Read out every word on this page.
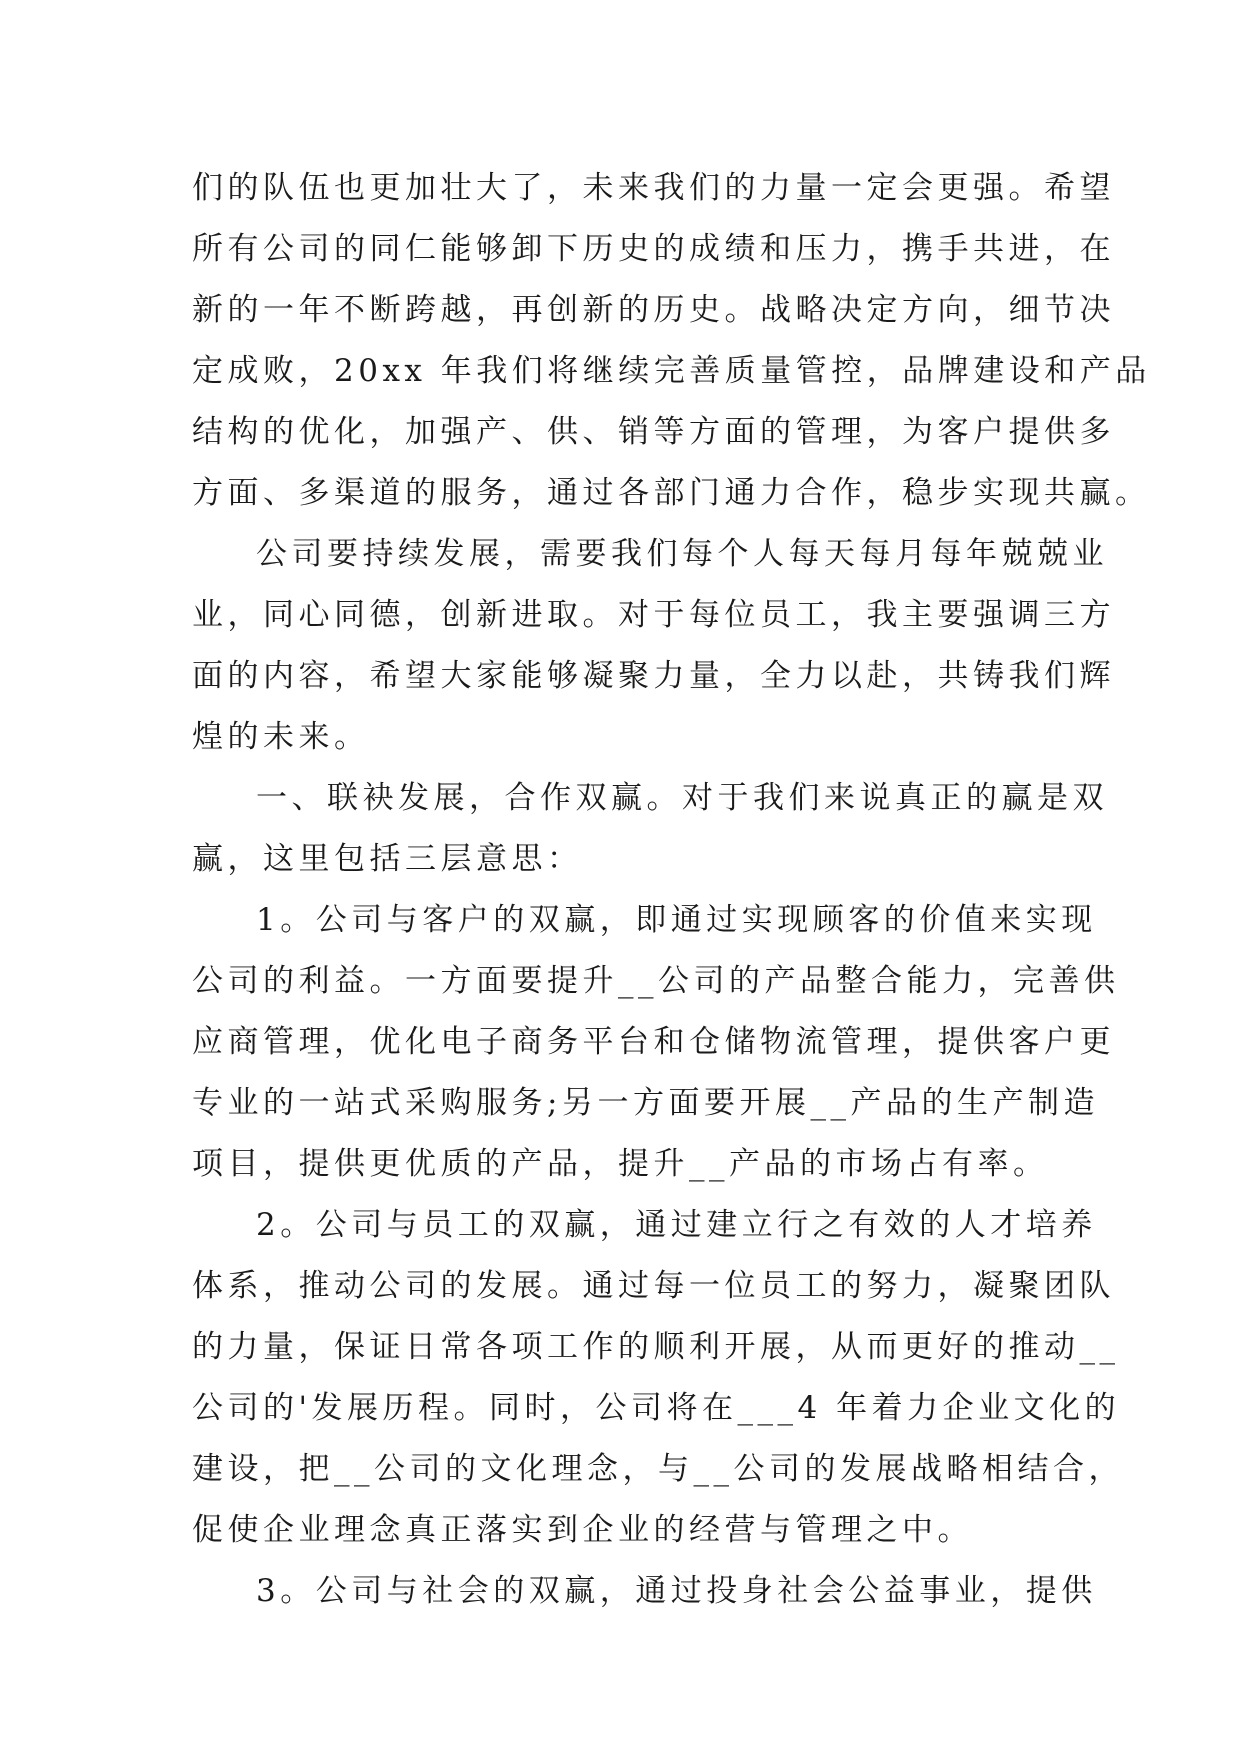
们的队伍也更加壮大了，未来我们的力量一定会更强。希望
所有公司的同仁能够卸下历史的成绩和压力，携手共进，在
新的一年不断跨越，再创新的历史。战略决定方向，细节决
定成败，20xx 年我们将继续完善质量管控，品牌建设和产品
结构的优化，加强产、供、销等方面的管理，为客户提供多
方面、多渠道的服务，通过各部门通力合作，稳步实现共赢。
公司要持续发展，需要我们每个人每天每月每年兢兢业
业，同心同德，创新进取。对于每位员工，我主要强调三方
面的内容，希望大家能够凝聚力量，全力以赴，共铸我们辉
煌的未来。
一、联袂发展，合作双赢。对于我们来说真正的赢是双
赢，这里包括三层意思：
1。公司与客户的双赢，即通过实现顾客的价值来实现
公司的利益。一方面要提升__公司的产品整合能力，完善供
应商管理，优化电子商务平台和仓储物流管理，提供客户更
专业的一站式采购服务;另一方面要开展__产品的生产制造
项目，提供更优质的产品，提升__产品的市场占有率。
2。公司与员工的双赢，通过建立行之有效的人才培养
体系，推动公司的发展。通过每一位员工的努力，凝聚团队
的力量，保证日常各项工作的顺利开展，从而更好的推动__
公司的'发展历程。同时，公司将在___4 年着力企业文化的
建设，把__公司的文化理念，与__公司的发展战略相结合，
促使企业理念真正落实到企业的经营与管理之中。
3。公司与社会的双赢，通过投身社会公益事业，提供
